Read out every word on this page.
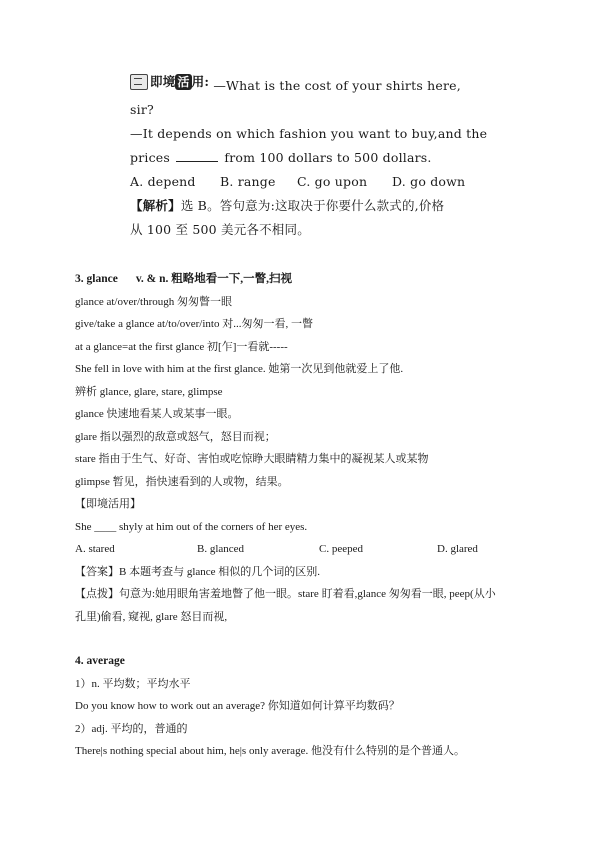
即境 活 用 : —What is the cost of your shirts here,
sir?
—It depends on which fashion you want to buy,and the
prices	from 100 dollars to 500 dollars.
A. depend	B. range	C. go upon	D. go down
【解析】选 B。答句意为:这取决于你要什么款式的,价格
从 100 至 500 美元各不相同。
3. glance v. & n. 粗略地看一下,一瞥,扫视
glance at/over/through 匆匆瞥一眼
give/take a glance at/to/over/into 对...匆匆一看, 一瞥
at a glance=at the first glance 初[乍]一看就-----
She fell in love with him at the first glance. 她第一次见到他就爱上了他.
辨析 glance, glare, stare, glimpse
glance 快速地看某人或某事一眼。
glare 指以强烈的敌意或怒气，怒目而视；
stare 指由于生气、好奇、害怕或吃惊睁大眼睛精力集中的凝视某人或某物
glimpse 暂见，指快速看到的人或物，结果。
【即境活用】
She ____ shyly at him out of the corners of her eyes.
A. stared	B. glanced	C. peeped	D. glared
【答案】B 本题考查与 glance 相似的几个词的区别.
【点拨】句意为:她用眼角害羞地瞥了他一眼。stare 盯着看,glance 匆匆看一眼, peep(从小
孔里)偷看, 窥视, glare 怒目而视,
4. average
1）n. 平均数；平均水平
Do you know how to work out an average? 你知道如何计算平均数码？
2）adj. 平均的，普通的
There|s nothing special about him, he|s only average. 他没有什么特别的是个普通人。
